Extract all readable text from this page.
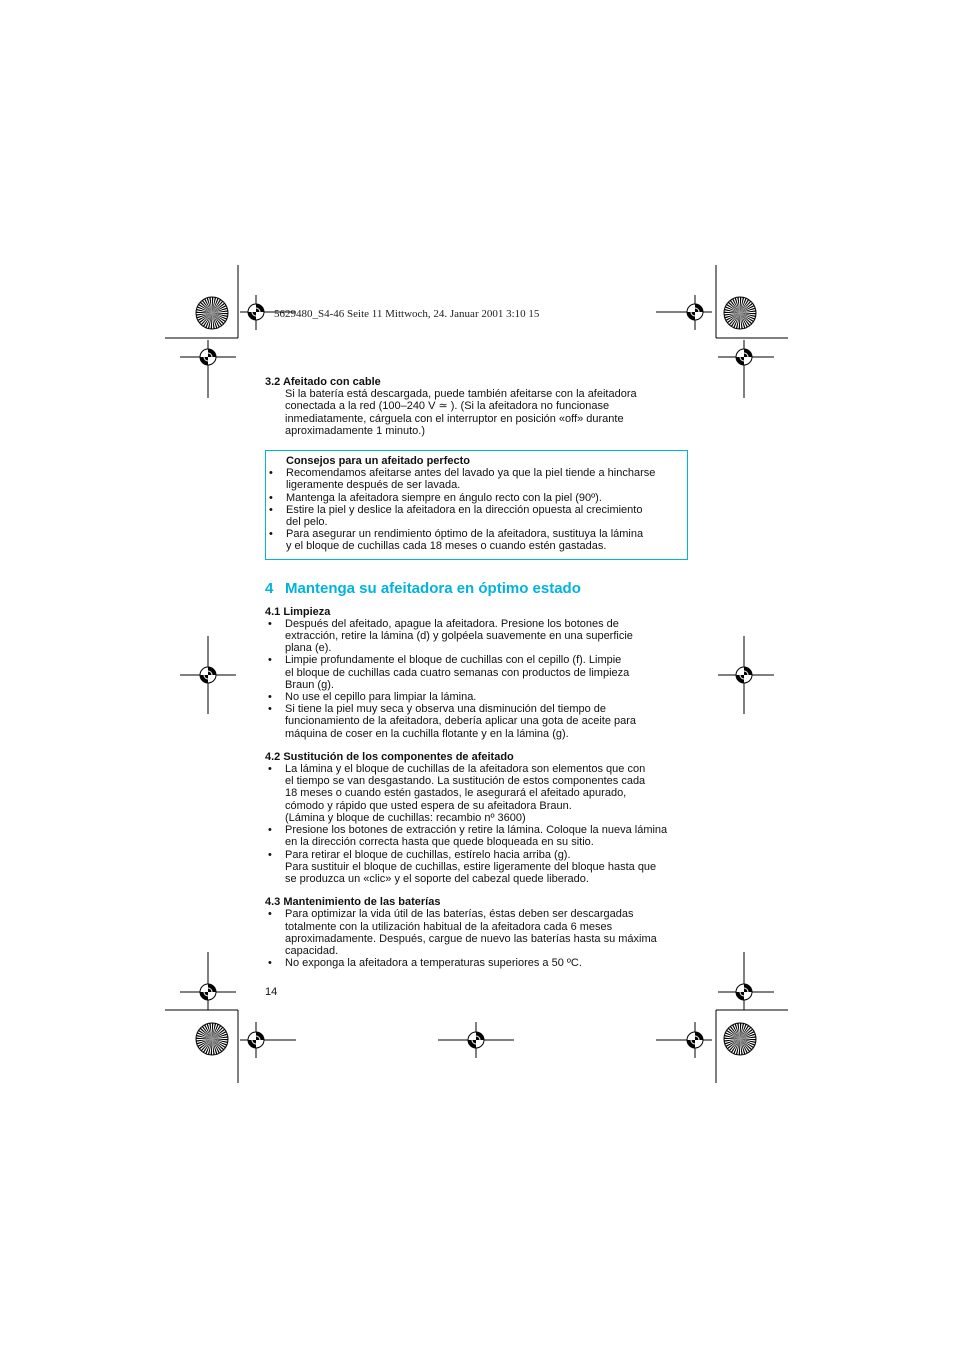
5629480_S4-46 Seite 11 Mittwoch, 24. Januar 2001 3:10 15

3.2 Afeitado con cable

Si la batería está descargada, puede también afeitarse con la afeitadora

conectada a la red (100–240 V ≃ ). (Si la afeitadora no funcionase

inmediatamente, cárguela con el interruptor en posición «off» durante

aproximadamente 1 minuto.)

Consejos para un afeitado perfecto

• Recomendamos afeitarse antes del lavado ya que la piel tiende a hincharse
ligeramente después de ser lavada.
• Mantenga la afeitadora siempre en ángulo recto con la piel (90º).
• Estire la piel y deslice la afeitadora en la dirección opuesta al crecimiento
del pelo.
• Para asegurar un rendimiento óptimo de la afeitadora, sustituya la lámina
y el bloque de cuchillas cada 18 meses o cuando estén gastadas.
4 Mantenga su afeitadora en óptimo estado

4.1 Limpieza

• Después del afeitado, apague la afeitadora. Presione los botones de
extracción, retire la lámina (d) y golpéela suavemente en una superficie
plana (e).
• Limpie profundamente el bloque de cuchillas con el cepillo (f). Limpie
el bloque de cuchillas cada cuatro semanas con productos de limpieza
Braun (g).
• No use el cepillo para limpiar la lámina.
• Si tiene la piel muy seca y observa una disminución del tiempo de
funcionamiento de la afeitadora, debería aplicar una gota de aceite para
máquina de coser en la cuchilla flotante y en la lámina (g).

4.2 Sustitución de los componentes de afeitado

• La lámina y el bloque de cuchillas de la afeitadora son elementos que con
el tiempo se van desgastando. La sustitución de estos componentes cada
18 meses o cuando estén gastados, le asegurará el afeitado apurado,
cómodo y rápido que usted espera de su afeitadora Braun.
(Lámina y bloque de cuchillas: recambio nº 3600)
• Presione los botones de extracción y retire la lámina. Coloque la nueva lámina
en la dirección correcta hasta que quede bloqueada en su sitio.
• Para retirar el bloque de cuchillas, estírelo hacia arriba (g).
Para sustituir el bloque de cuchillas, estire ligeramente del bloque hasta que
se produzca un «clic» y el soporte del cabezal quede liberado.

4.3 Mantenimiento de las baterías

• Para optimizar la vida útil de las baterías, éstas deben ser descargadas
totalmente con la utilización habitual de la afeitadora cada 6 meses
aproximadamente. Después, cargue de nuevo las baterías hasta su máxima
capacidad.
• No exponga la afeitadora a temperaturas superiores a 50 ºC.
14
